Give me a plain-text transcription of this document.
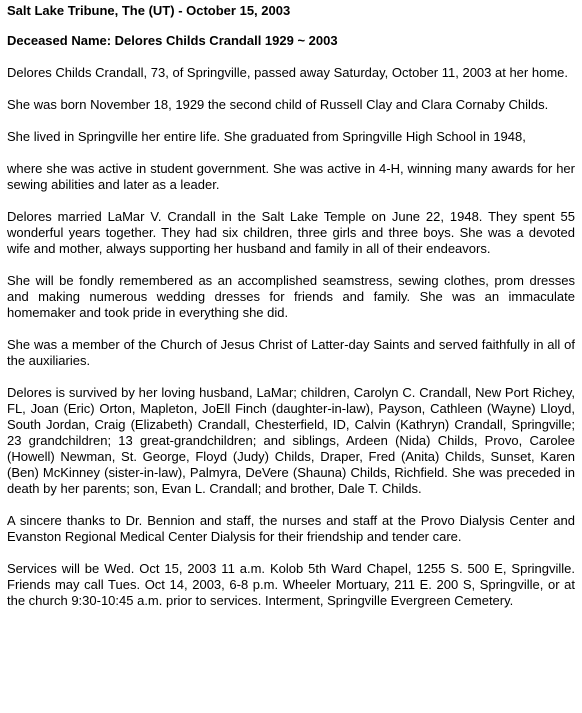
Salt Lake Tribune, The (UT) - October 15, 2003

Deceased Name: Delores Childs Crandall 1929 ~ 2003

Delores Childs Crandall, 73, of Springville, passed away Saturday, October 11, 2003 at her home.

She was born November 18, 1929 the second child of Russell Clay and Clara Cornaby Childs.

She lived in Springville her entire life. She graduated from Springville High School in 1948,

where she was active in student government. She was active in 4-H, winning many awards for her sewing abilities and later as a leader.

Delores married LaMar V. Crandall in the Salt Lake Temple on June 22, 1948. They spent 55 wonderful years together. They had six children, three girls and three boys. She was a devoted wife and mother, always supporting her husband and family in all of their endeavors.

She will be fondly remembered as an accomplished seamstress, sewing clothes, prom dresses and making numerous wedding dresses for friends and family. She was an immaculate homemaker and took pride in everything she did.

She was a member of the Church of Jesus Christ of Latter-day Saints and served faithfully in all of the auxiliaries.

Delores is survived by her loving husband, LaMar; children, Carolyn C. Crandall, New Port Richey, FL, Joan (Eric) Orton, Mapleton, JoEll Finch (daughter-in-law), Payson, Cathleen (Wayne) Lloyd, South Jordan, Craig (Elizabeth) Crandall, Chesterfield, ID, Calvin (Kathryn) Crandall, Springville; 23 grandchildren; 13 great-grandchildren; and siblings, Ardeen (Nida) Childs, Provo, Carolee (Howell) Newman, St. George, Floyd (Judy) Childs, Draper, Fred (Anita) Childs, Sunset, Karen (Ben) McKinney (sister-in-law), Palmyra, DeVere (Shauna) Childs, Richfield. She was preceded in death by her parents; son, Evan L. Crandall; and brother, Dale T. Childs.

A sincere thanks to Dr. Bennion and staff, the nurses and staff at the Provo Dialysis Center and Evanston Regional Medical Center Dialysis for their friendship and tender care.

Services will be Wed. Oct 15, 2003 11 a.m. Kolob 5th Ward Chapel, 1255 S. 500 E, Springville. Friends may call Tues. Oct 14, 2003, 6-8 p.m. Wheeler Mortuary, 211 E. 200 S, Springville, or at the church 9:30-10:45 a.m. prior to services. Interment, Springville Evergreen Cemetery.
